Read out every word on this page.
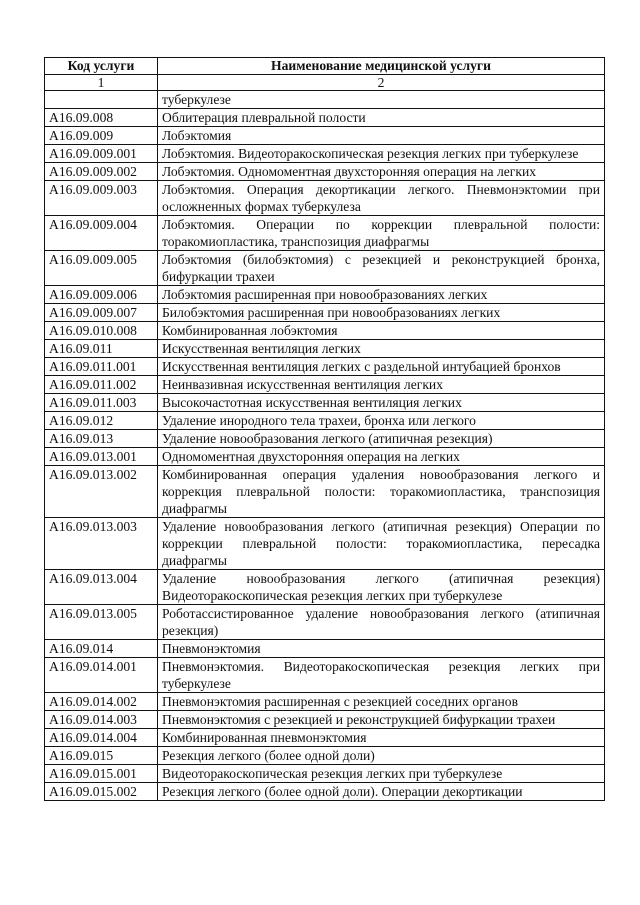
Код услуги	Наименование медицинской услуги
1	2
	туберкулезе
A16.09.008	Облитерация плевральной полости
A16.09.009	Лобэктомия
A16.09.009.001	Лобэктомия. Видеоторакоскопическая резекция легких при туберкулезе
A16.09.009.002	Лобэктомия. Одномоментная двухсторонняя операция на легких
A16.09.009.003	Лобэктомия. Операция декортикации легкого. Пневмонэктомии при осложненных формах туберкулеза
A16.09.009.004	Лобэктомия. Операции по коррекции плевральной полости: торакомиопластика, транспозиция диафрагмы
A16.09.009.005	Лобэктомия (билобэктомия) с резекцией и реконструкцией бронха, бифуркации трахеи
A16.09.009.006	Лобэктомия расширенная при новообразованиях легких
A16.09.009.007	Билобэктомия расширенная при новообразованиях легких
A16.09.010.008	Комбинированная лобэктомия
A16.09.011	Искусственная вентиляция легких
A16.09.011.001	Искусственная вентиляция легких с раздельной интубацией бронхов
A16.09.011.002	Неинвазивная искусственная вентиляция легких
A16.09.011.003	Высокочастотная искусственная вентиляция легких
A16.09.012	Удаление инородного тела трахеи, бронха или легкого
A16.09.013	Удаление новообразования легкого (атипичная резекция)
A16.09.013.001	Одномоментная двухсторонняя операция на легких
A16.09.013.002	Комбинированная операция удаления новообразования легкого и коррекция плевральной полости: торакомиопластика, транспозиция диафрагмы
A16.09.013.003	Удаление новообразования легкого (атипичная резекция) Операции по коррекции плевральной полости: торакомиопластика, пересадка диафрагмы
A16.09.013.004	Удаление новообразования легкого (атипичная резекция) Видеоторакоскопическая резекция легких при туберкулезе
A16.09.013.005	Роботассистированное удаление новообразования легкого (атипичная резекция)
A16.09.014	Пневмонэктомия
A16.09.014.001	Пневмонэктомия. Видеоторакоскопическая резекция легких при туберкулезе
A16.09.014.002	Пневмонэктомия расширенная с резекцией соседних органов
A16.09.014.003	Пневмонэктомия с резекцией и реконструкцией бифуркации трахеи
A16.09.014.004	Комбинированная пневмонэктомия
A16.09.015	Резекция легкого (более одной доли)
A16.09.015.001	Видеоторакоскопическая резекция легких при туберкулезе
A16.09.015.002	Резекция легкого (более одной доли). Операции декортикации
